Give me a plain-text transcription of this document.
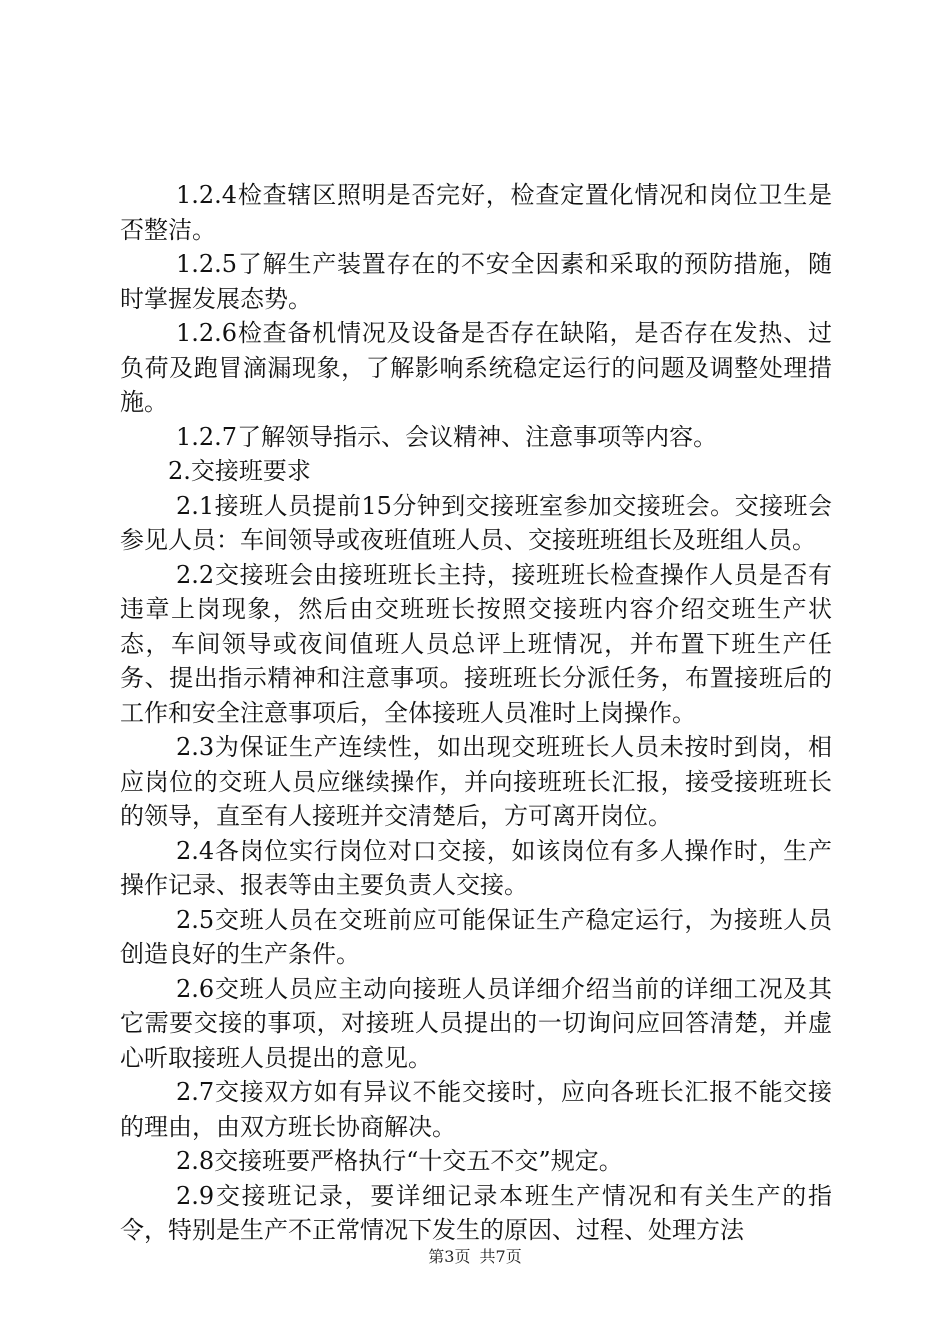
1.2.4检查辖区照明是否完好，检查定置化情况和岗位卫生是否整洁。

1.2.5了解生产装置存在的不安全因素和采取的预防措施，随时掌握发展态势。

1.2.6检查备机情况及设备是否存在缺陷，是否存在发热、过负荷及跑冒滴漏现象，了解影响系统稳定运行的问题及调整处理措施。

1.2.7了解领导指示、会议精神、注意事项等内容。

2.交接班要求

2.1接班人员提前15分钟到交接班室参加交接班会。交接班会参见人员：车间领导或夜班值班人员、交接班班组长及班组人员。

2.2交接班会由接班班长主持，接班班长检查操作人员是否有违章上岗现象，然后由交班班长按照交接班内容介绍交班生产状态，车间领导或夜间值班人员总评上班情况，并布置下班生产任务、提出指示精神和注意事项。接班班长分派任务，布置接班后的工作和安全注意事项后，全体接班人员准时上岗操作。

2.3为保证生产连续性，如出现交班班长人员未按时到岗，相应岗位的交班人员应继续操作，并向接班班长汇报，接受接班班长的领导，直至有人接班并交清楚后，方可离开岗位。

2.4各岗位实行岗位对口交接，如该岗位有多人操作时，生产操作记录、报表等由主要负责人交接。

2.5交班人员在交班前应可能保证生产稳定运行，为接班人员创造良好的生产条件。

2.6交班人员应主动向接班人员详细介绍当前的详细工况及其它需要交接的事项，对接班人员提出的一切询问应回答清楚，并虚心听取接班人员提出的意见。

2.7交接双方如有异议不能交接时，应向各班长汇报不能交接的理由，由双方班长协商解决。

2.8交接班要严格执行“十交五不交”规定。

2.9交接班记录，要详细记录本班生产情况和有关生产的指令，特别是生产不正常情况下发生的原因、过程、处理方法

第3页 共7页
